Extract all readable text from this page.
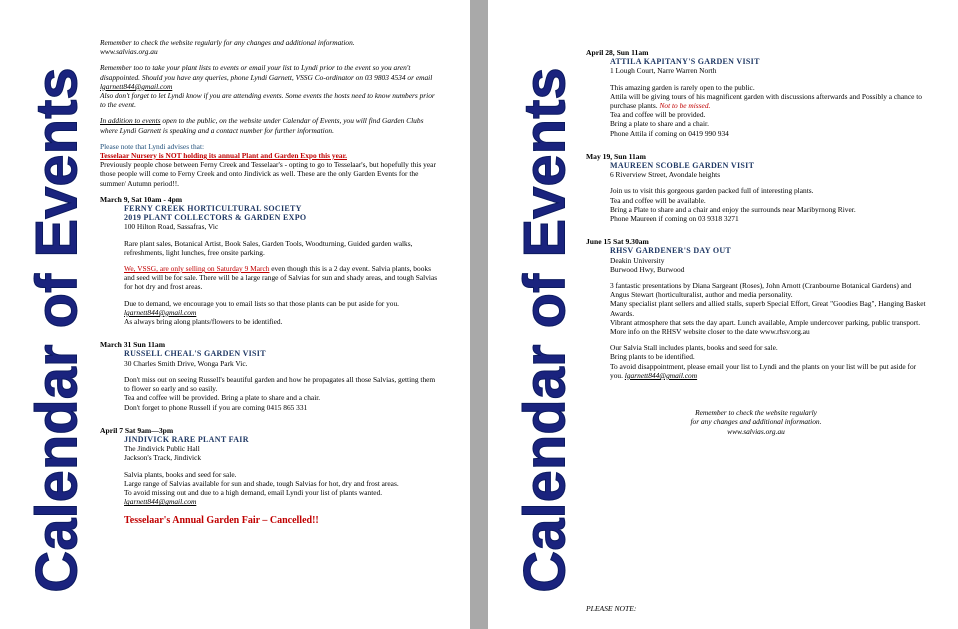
Calendar of Events
Remember to check the website regularly for any changes and additional information.
www.salvias.org.au
Remember too to take your plant lists to events or email your list to Lyndi prior to the event so you aren't disappointed. Should you have any queries, phone Lyndi Garnett, VSSG Co-ordinator on 03 9803 4534 or email lgarnett844@gmail.com
Also don't forget to let Lyndi know if you are attending events. Some events the hosts need to know numbers prior to the event.
In addition to events open to the public, on the website under Calendar of Events, you will find Garden Clubs where Lyndi Garnett is speaking and a contact number for further information.
Please note that Lyndi advises that:
Tesselaar Nursery is NOT holding its annual Plant and Garden Expo this year.
Previously people chose between Ferny Creek and Tesselaar's - opting to go to Tesselaar's, but hopefully this year those people will come to Ferny Creek and onto Jindivick as well. These are the only Garden Events for the summer/ Autumn period!!.
March 9, Sat 10am - 4pm
FERNY CREEK HORTICULTURAL SOCIETY
2019 PLANT COLLECTORS & GARDEN EXPO
100 Hilton Road, Sassafras, Vic
Rare plant sales, Botanical Artist, Book Sales, Garden Tools, Woodturning, Guided garden walks, refreshments, light lunches, free onsite parking.
We, VSSG, are only selling on Saturday 9 March even though this is a 2 day event. Salvia plants, books and seed will be for sale. There will be a large range of Salvias for sun and shady areas, and tough Salvias for hot dry and frost areas.
Due to demand, we encourage you to email lists so that those plants can be put aside for you. lgarnett844@gmail.com
As always bring along plants/flowers to be identified.
March 31 Sun 11am
RUSSELL CHEAL'S GARDEN VISIT
30 Charles Smith Drive, Wonga Park Vic.
Don't miss out on seeing Russell's beautiful garden and how he propagates all those Salvias, getting them to flower so early and so easily.
Tea and coffee will be provided. Bring a plate to share and a chair.
Don't forget to phone Russell if you are coming 0415 865 331
April 7 Sat 9am—3pm
JINDIVICK RARE PLANT FAIR
The Jindivick Public Hall
Jackson's Track, Jindivick
Salvia plants, books and seed for sale.
Large range of Salvias available for sun and shade, tough Salvias for hot, dry and frost areas.
To avoid missing out and due to a high demand, email Lyndi your list of plants wanted. lgarnett844@gmail.com
Tesselaar's Annual Garden Fair – Cancelled!!	Calendar of Events
April 28, Sun 11am
ATTILA KAPITANY'S GARDEN VISIT
1 Lough Court, Narre Warren North
This amazing garden is rarely open to the public.
Attila will be giving tours of his magnificent garden with discussions afterwards and Possibly a chance to purchase plants. Not to be missed.
Tea and coffee will be provided.
Bring a plate to share and a chair.
Phone Attila if coming on 0419 990 934
May 19, Sun 11am
MAUREEN SCOBLE GARDEN VISIT
6 Riverview Street, Avondale heights
Join us to visit this gorgeous garden packed full of interesting plants.
Tea and coffee will be available.
Bring a Plate to share and a chair and enjoy the surrounds near Maribyrnong River.
Phone Maureen if coming on 03 9318 3271
June 15 Sat 9.30am
RHSV GARDENER'S DAY OUT
Deakin University
Burwood Hwy, Burwood
3 fantastic presentations by Diana Sargeant (Roses), John Arnott (Cranbourne Botanical Gardens) and Angus Stewart (horticulturalist, author and media personality.
Many specialist plant sellers and allied stalls, superb Special Effort, Great "Goodies Bag", Hanging Basket Awards.
Vibrant atmosphere that sets the day apart. Lunch available, Ample undercover parking, public transport.
More info on the RHSV website closer to the date www.rhsv.org.au
Our Salvia Stall includes plants, books and seed for sale.
Bring plants to be identified.
To avoid disappointment, please email your list to Lyndi and the plants on your list will be put aside for you. lgarnett844@gmail.com
Remember to check the website regularly
for any changes and additional information.
www.salvias.org.au
PLEASE NOTE:
